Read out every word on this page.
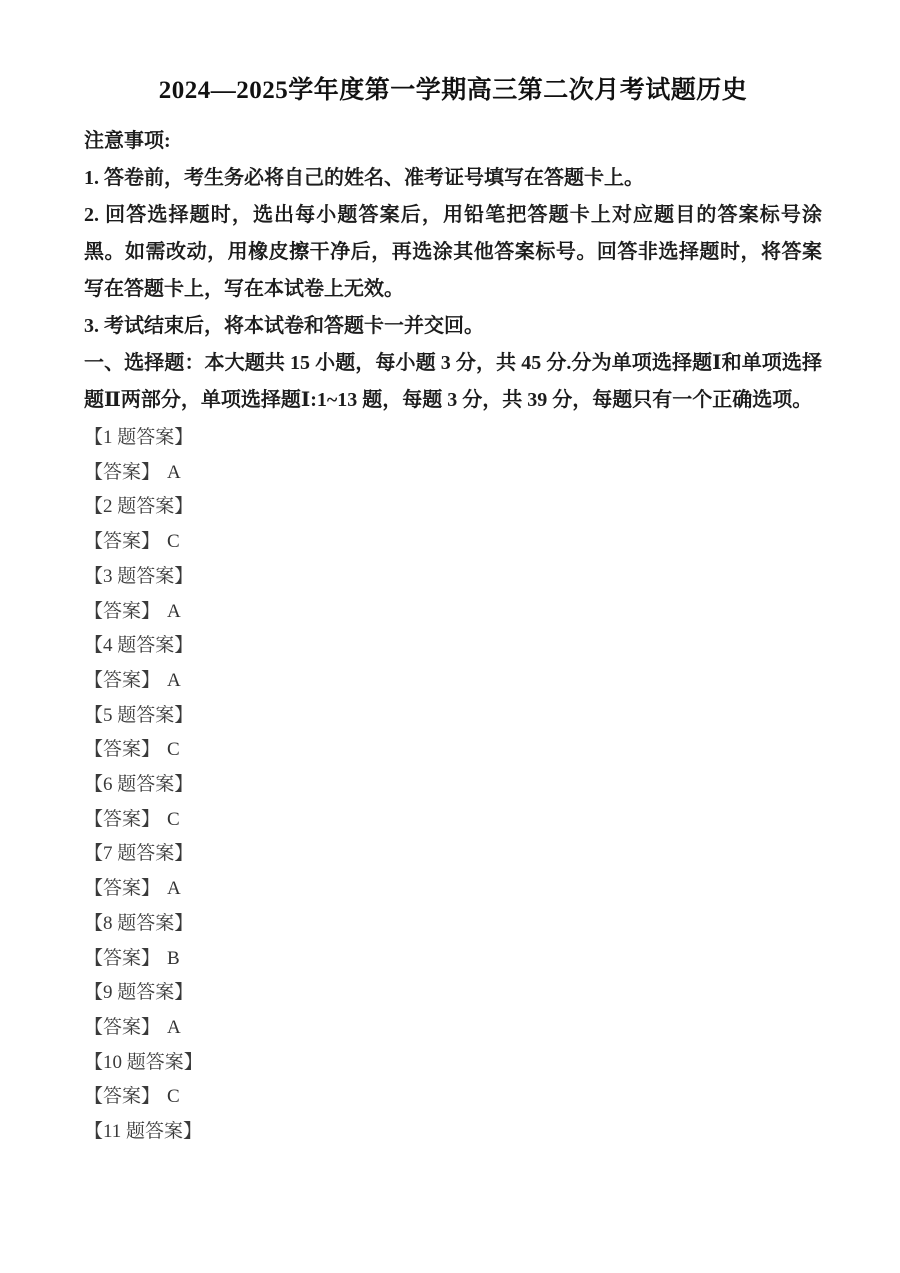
2024—2025学年度第一学期高三第二次月考试题历史

注意事项:

1. 答卷前，考生务必将自己的姓名、准考证号填写在答题卡上。

2. 回答选择题时，选出每小题答案后，用铅笔把答题卡上对应题目的答案标号涂黑。如需改动，用橡皮擦干净后，再选涂其他答案标号。回答非选择题时，将答案写在答题卡上，写在本试卷上无效。

3. 考试结束后，将本试卷和答题卡一并交回。

一、选择题：本大题共 15 小题，每小题 3 分，共 45 分.分为单项选择题Ⅰ和单项选择题Ⅱ两部分，单项选择题Ⅰ:1~13 题，每题 3 分，共 39 分，每题只有一个正确选项。

【1 题答案】

【答案】 A

【2 题答案】

【答案】 C

【3 题答案】

【答案】 A

【4 题答案】

【答案】 A

【5 题答案】

【答案】 C

【6 题答案】

【答案】 C

【7 题答案】

【答案】 A

【8 题答案】

【答案】 B

【9 题答案】

【答案】 A

【10 题答案】

【答案】 C

【11 题答案】
